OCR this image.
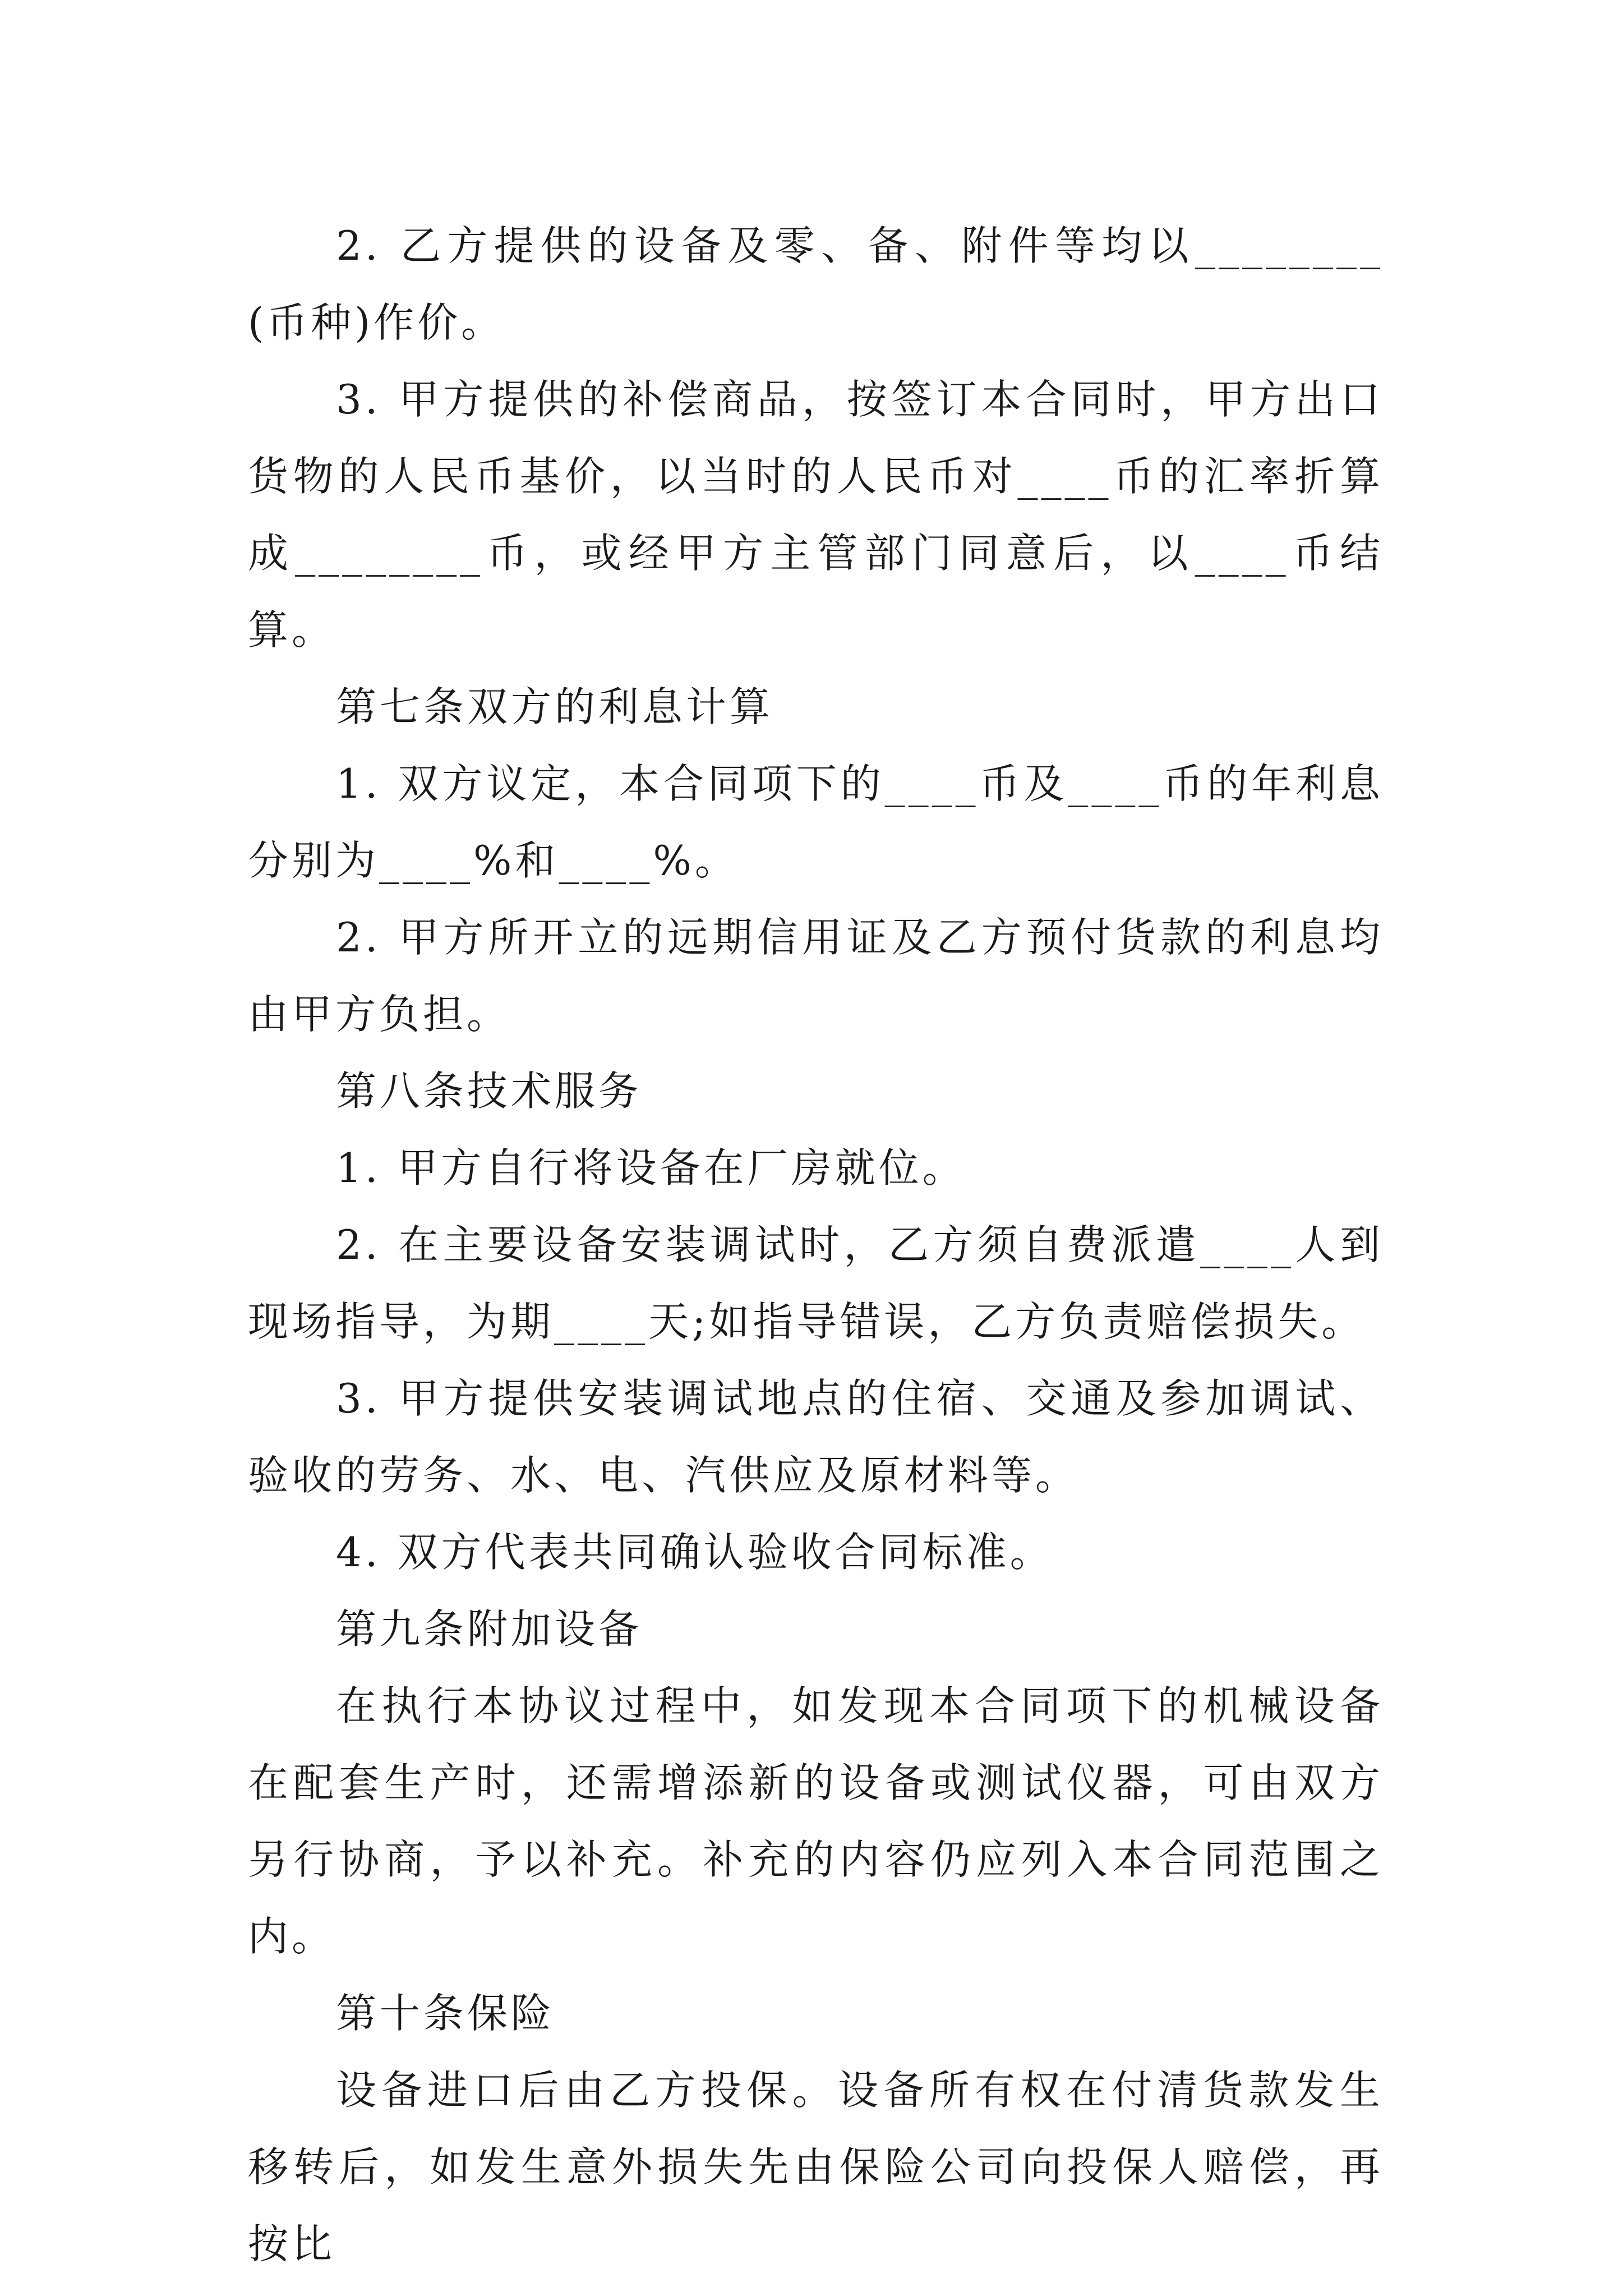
2. 乙方提供的设备及零、备、附件等均以________(币种)作价。

3. 甲方提供的补偿商品，按签订本合同时，甲方出口货物的人民币基价，以当时的人民币对____币的汇率折算成________币，或经甲方主管部门同意后，以____币结算。

第七条双方的利息计算

1. 双方议定，本合同项下的____币及____币的年利息分别为____%和____%。

2. 甲方所开立的远期信用证及乙方预付货款的利息均由甲方负担。

第八条技术服务

1. 甲方自行将设备在厂房就位。

2. 在主要设备安装调试时，乙方须自费派遣____人到现场指导，为期____天;如指导错误，乙方负责赔偿损失。

3. 甲方提供安装调试地点的住宿、交通及参加调试、验收的劳务、水、电、汽供应及原材料等。

4. 双方代表共同确认验收合同标准。

第九条附加设备

在执行本协议过程中，如发现本合同项下的机械设备在配套生产时，还需增添新的设备或测试仪器，可由双方另行协商，予以补充。补充的内容仍应列入本合同范围之内。

第十条保险

设备进口后由乙方投保。设备所有权在付清货款发生移转后，如发生意外损失先由保险公司向投保人赔偿，再按比
